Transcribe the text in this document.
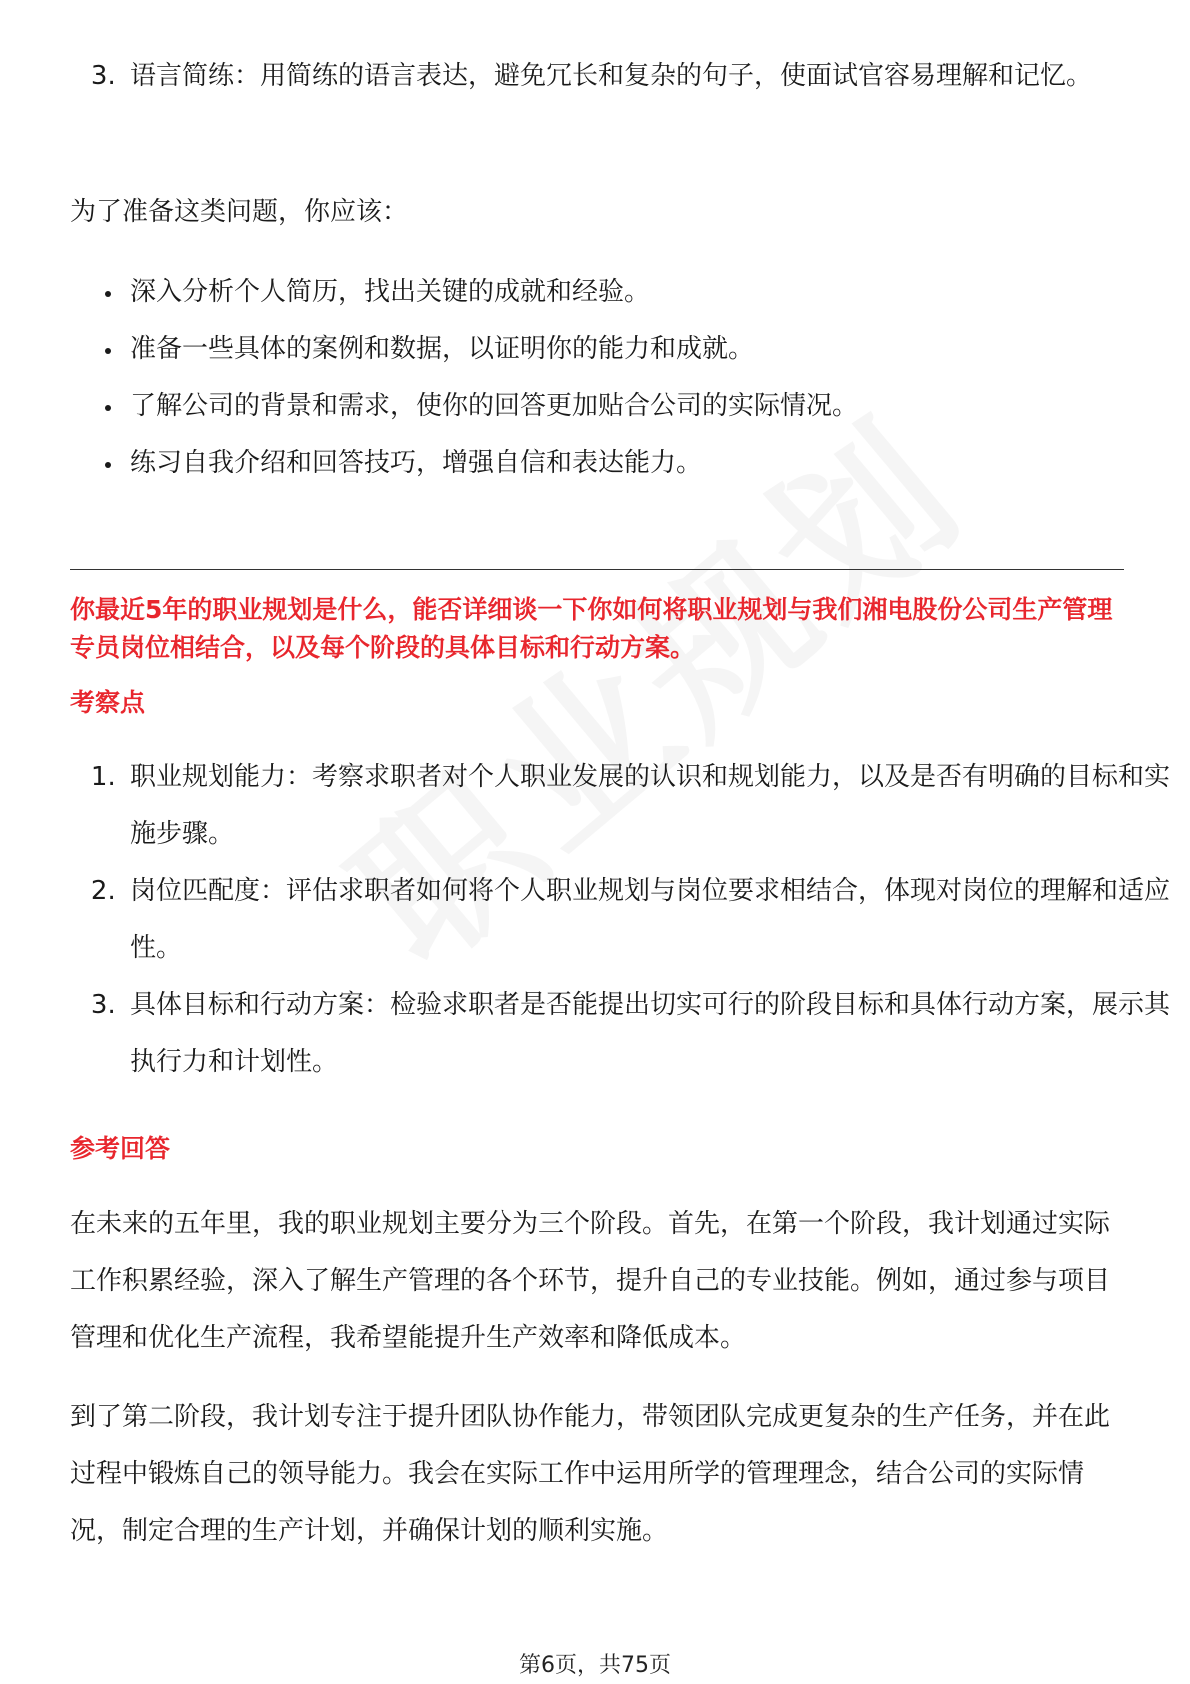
3. 语言简练：用简练的语言表达，避免冗长和复杂的句子，使面试官容易理解和记忆。

为了准备这类问题，你应该：

• 深入分析个人简历，找出关键的成就和经验。
• 准备一些具体的案例和数据，以证明你的能力和成就。
• 了解公司的背景和需求，使你的回答更加贴合公司的实际情况。
• 练习自我介绍和回答技巧，增强自信和表达能力。

你最近5年的职业规划是什么，能否详细谈一下你如何将职业规划与我们湘电股份公司生产管理专员岗位相结合，以及每个阶段的具体目标和行动方案。

考察点

1. 职业规划能力：考察求职者对个人职业发展的认识和规划能力，以及是否有明确的目标和实施步骤。
2. 岗位匹配度：评估求职者如何将个人职业规划与岗位要求相结合，体现对岗位的理解和适应性。
3. 具体目标和行动方案：检验求职者是否能提出切实可行的阶段目标和具体行动方案，展示其执行力和计划性。

参考回答

在未来的五年里，我的职业规划主要分为三个阶段。首先，在第一个阶段，我计划通过实际工作积累经验，深入了解生产管理的各个环节，提升自己的专业技能。例如，通过参与项目管理和优化生产流程，我希望能提升生产效率和降低成本。

到了第二阶段，我计划专注于提升团队协作能力，带领团队完成更复杂的生产任务，并在此过程中锻炼自己的领导能力。我会在实际工作中运用所学的管理理念，结合公司的实际情况，制定合理的生产计划，并确保计划的顺利实施。

第6页，共75页
